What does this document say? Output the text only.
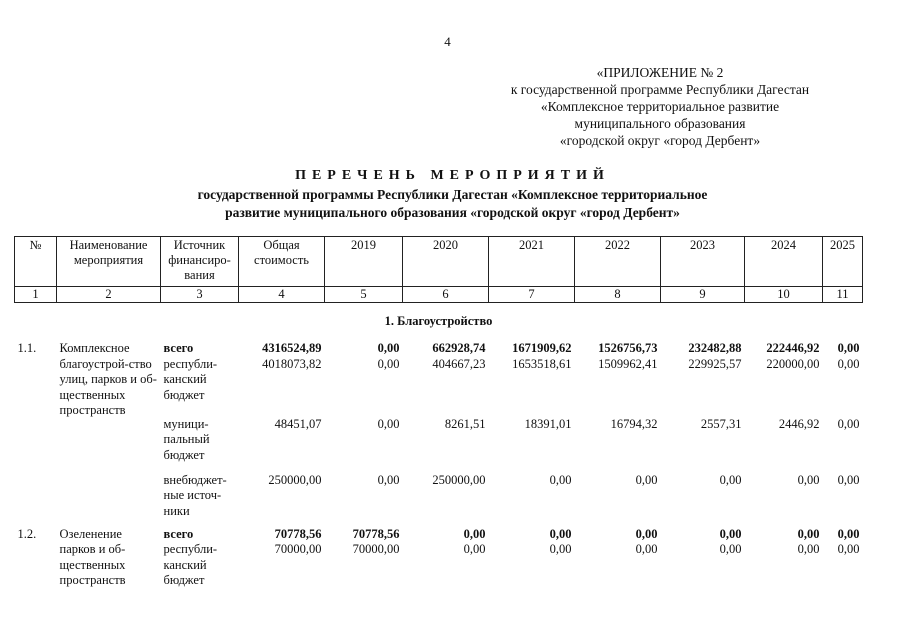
4
«ПРИЛОЖЕНИЕ № 2
к государственной программе Республики Дагестан
«Комплексное территориальное развитие
муниципального образования
«городской округ «город Дербент»
ПЕРЕЧЕНЬ МЕРОПРИЯТИЙ
государственной программы Республики Дагестан «Комплексное территориальное
развитие муниципального образования «городской округ «город Дербент»
№	Наименование мероприятия	Источник финансиро-вания	Общая стоимость	2019	2020	2021	2022	2023	2024	2025
1	2	3	4	5	6	7	8	9	10	11
1. Благоустройство										
1.1.	Комплексное благоустрой-ство улиц, парков и об-щественных пространств	всего	4316524,89	0,00	662928,74	1671909,62	1526756,73	232482,88	222446,92	0,00
		республи-канский бюджет	4018073,82	0,00	404667,23	1653518,61	1509962,41	229925,57	220000,00	0,00
		муници-пальный бюджет	48451,07	0,00	8261,51	18391,01	16794,32	2557,31	2446,92	0,00
		внебюджет-ные источ-ники	250000,00	0,00	250000,00	0,00	0,00	0,00	0,00	0,00
1.2.	Озеленение парков и об-щественных пространств	всего	70778,56	70778,56	0,00	0,00	0,00	0,00	0,00	0,00
		республи-канский бюджет	70000,00	70000,00	0,00	0,00	0,00	0,00	0,00	0,00
